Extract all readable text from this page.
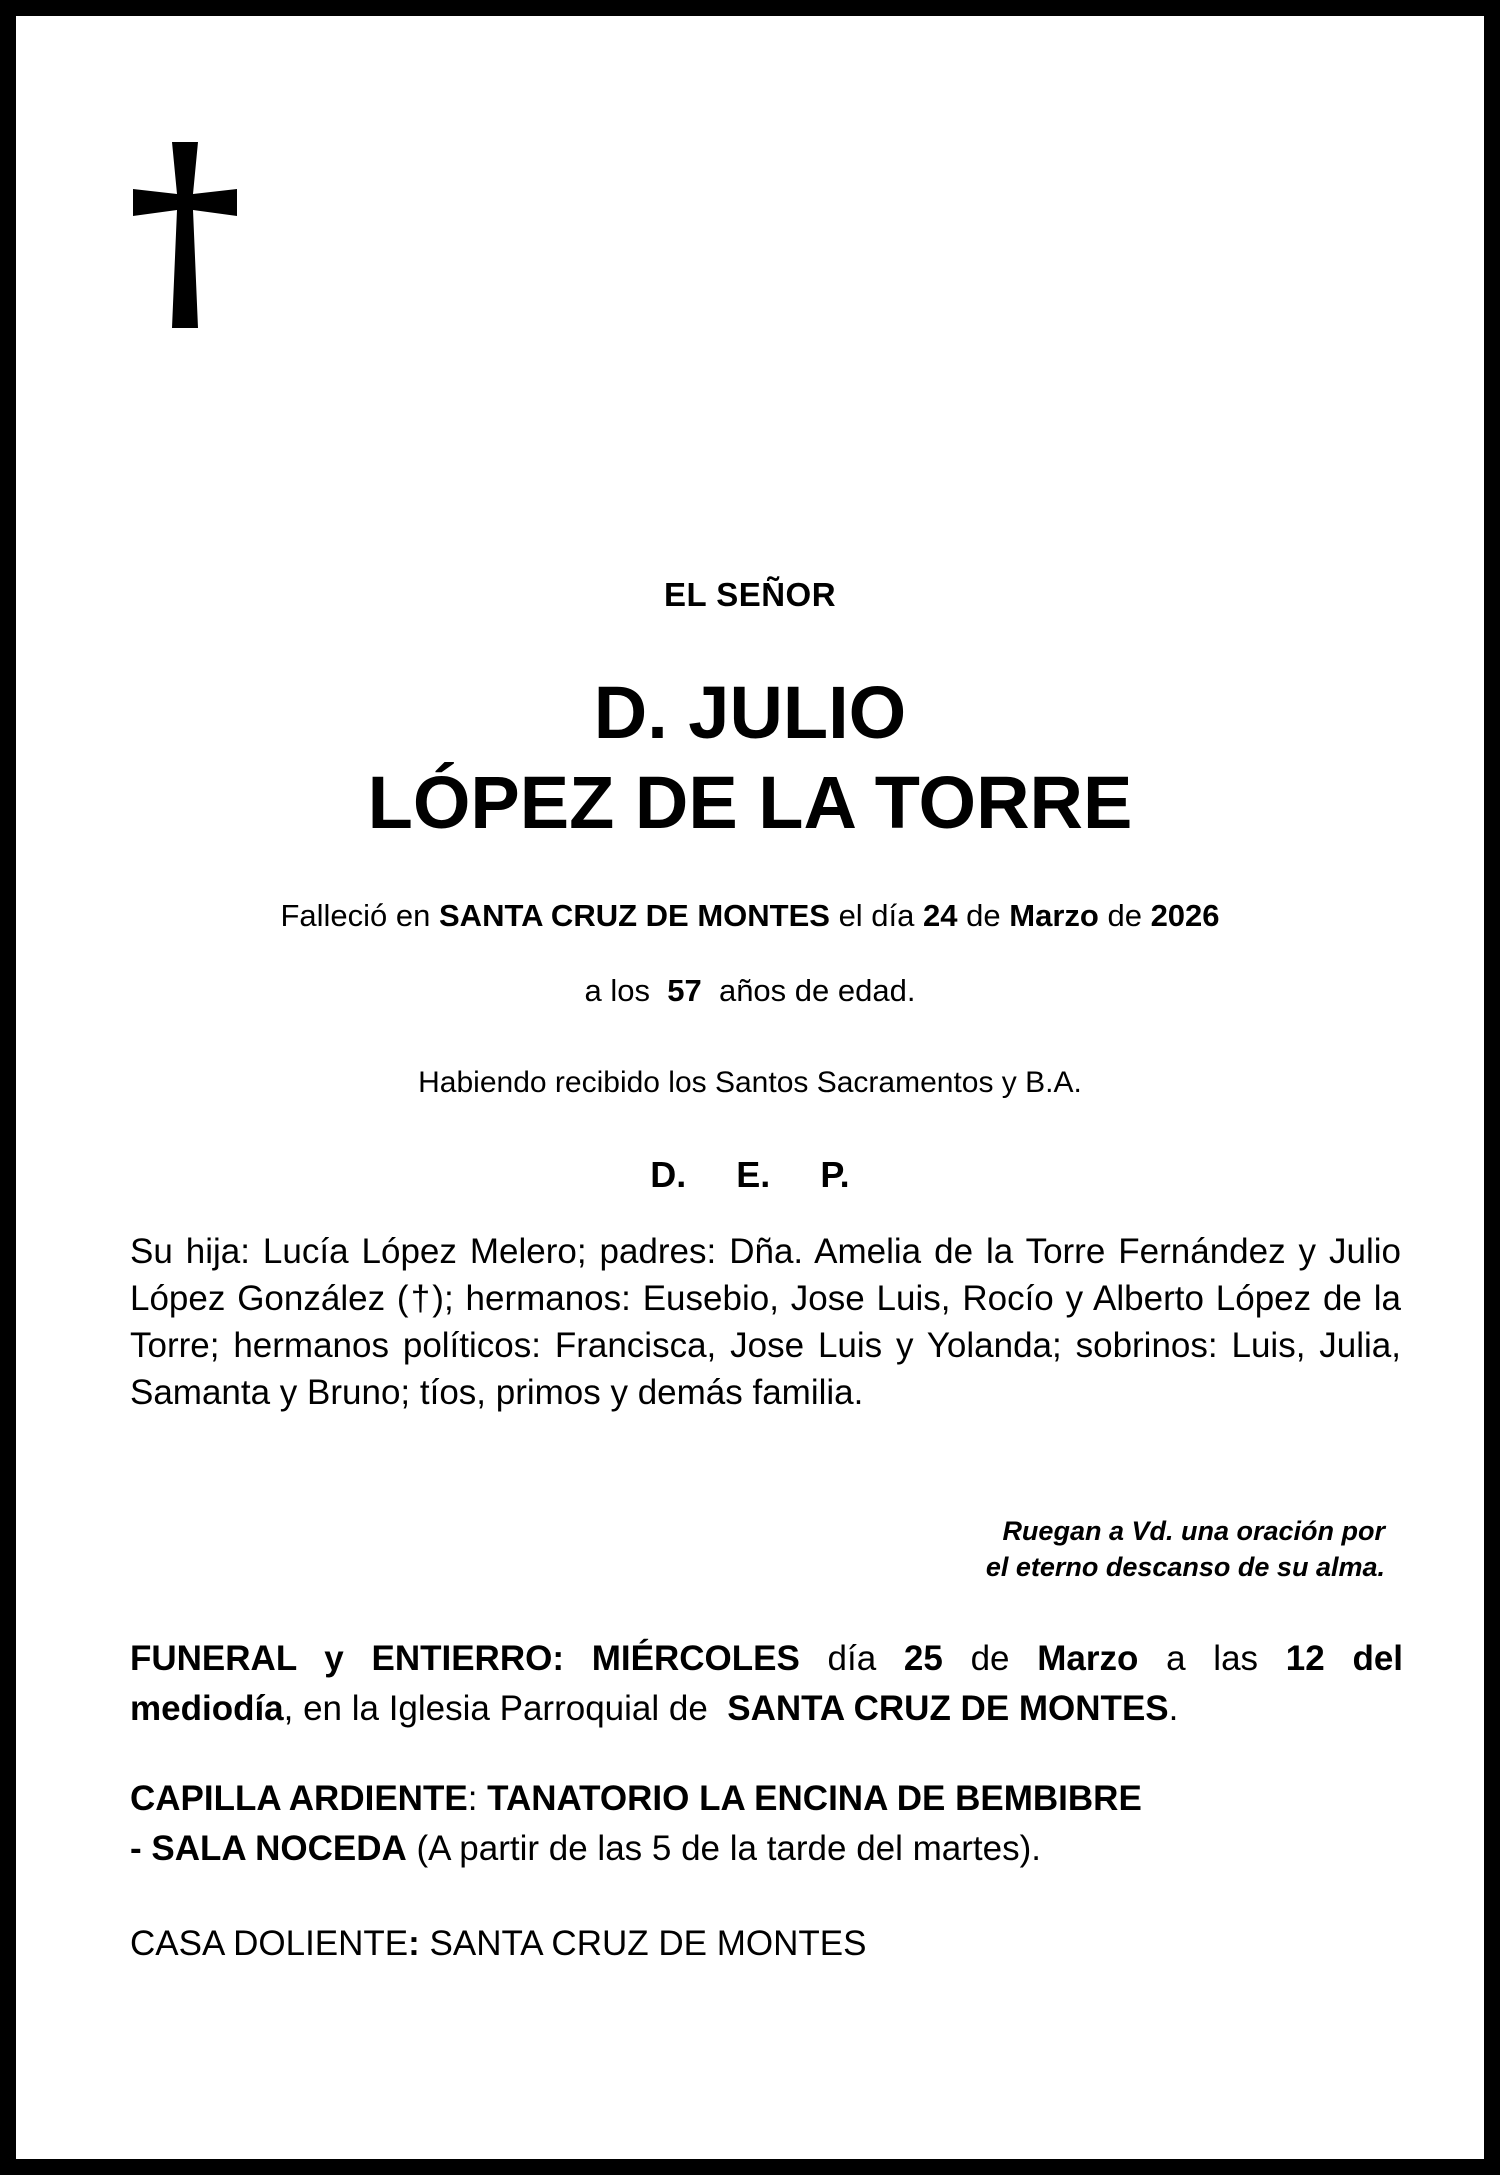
EL SEÑOR
D. JULIO
LÓPEZ DE LA TORRE
Falleció en SANTA CRUZ DE MONTES el día 24 de Marzo de 2026
a los 57 años de edad.
Habiendo recibido los Santos Sacramentos y B.A.
D. E. P.
Su hija: Lucía López Melero; padres: Dña. Amelia de la Torre Fernández y Julio López González (†); hermanos: Eusebio, Jose Luis, Rocío y Alberto López de la Torre; hermanos políticos: Francisca, Jose Luis y Yolanda; sobrinos: Luis, Julia, Samanta y Bruno; tíos, primos y demás familia.
Ruegan a Vd. una oración por
el eterno descanso de su alma.
FUNERAL y ENTIERRO: MIÉRCOLES día 25 de Marzo a las 12 del
mediodía, en la Iglesia Parroquial de SANTA CRUZ DE MONTES.
CAPILLA ARDIENTE: TANATORIO LA ENCINA DE BEMBIBRE
- SALA NOCEDA (A partir de las 5 de la tarde del martes).
CASA DOLIENTE: SANTA CRUZ DE MONTES
